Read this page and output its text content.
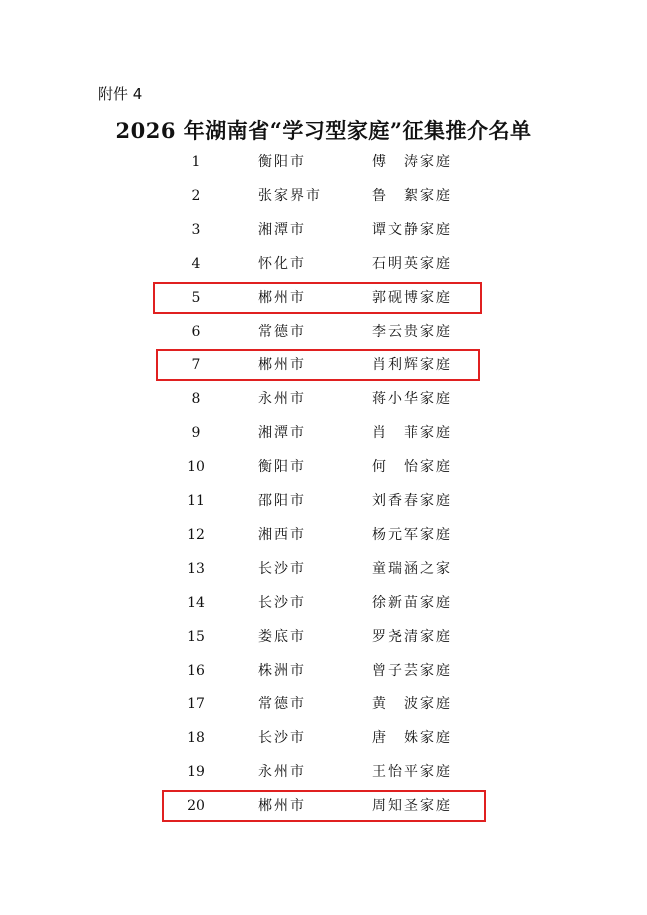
附件 4
2026 年湖南省“学习型家庭”征集推介名单
1	衡阳市	傅　涛家庭
2	张家界市	鲁　絮家庭
3	湘潭市	谭文静家庭
4	怀化市	石明英家庭
5	郴州市	郭砚博家庭
6	常德市	李云贵家庭
7	郴州市	肖利辉家庭
8	永州市	蒋小华家庭
9	湘潭市	肖　菲家庭
10	衡阳市	何　怡家庭
11	邵阳市	刘香春家庭
12	湘西市	杨元军家庭
13	长沙市	童瑞涵之家
14	长沙市	徐新苗家庭
15	娄底市	罗尧清家庭
16	株洲市	曾子芸家庭
17	常德市	黄　波家庭
18	长沙市	唐　姝家庭
19	永州市	王怡平家庭
20	郴州市	周知圣家庭
